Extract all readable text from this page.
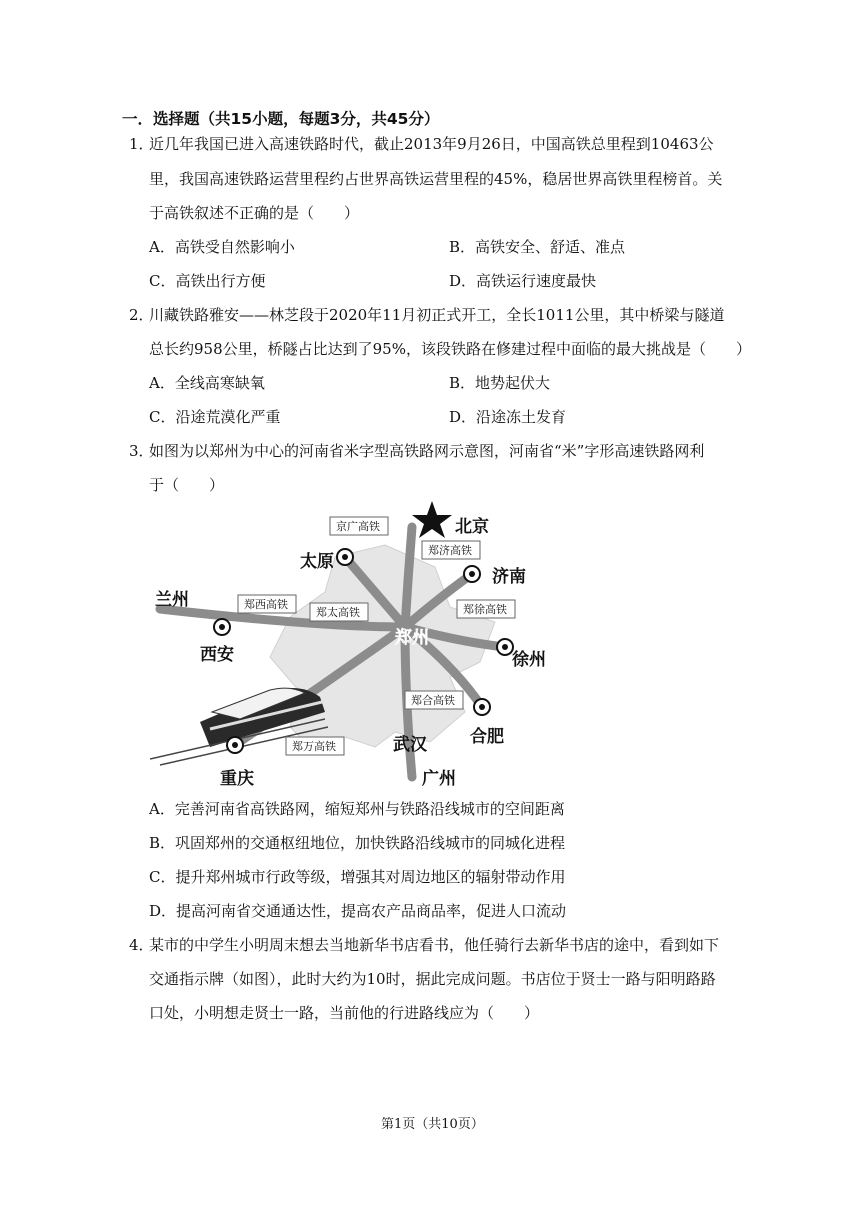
一．选择题（共15小题，每题3分，共45分）
1．
近几年我国已进入高速铁路时代，截止2013年9月26日，中国高铁总里程到10463公
里，我国高速铁路运营里程约占世界高铁运营里程的45%，稳居世界高铁里程榜首。关
于高铁叙述不正确的是（　　）
A．高铁受自然影响小	B．高铁安全、舒适、准点
C．高铁出行方便	D．高铁运行速度最快
2．
川藏铁路雅安——林芝段于2020年11月初正式开工，全长1011公里，其中桥梁与隧道
总长约958公里，桥隧占比达到了95%，该段铁路在修建过程中面临的最大挑战是（　　）
A．全线高寒缺氧	B．地势起伏大
C．沿途荒漠化严重	D．沿途冻土发育
3．
如图为以郑州为中心的河南省米字型高铁路网示意图，河南省“米”字形高速铁路网利
于（　　）
郑州
北京
太原
济南
兰州
西安	徐州
合肥
武汉
重庆	广州
京广高铁
郑济高铁
郑西高铁
郑太高铁	郑徐高铁
郑合高铁
郑万高铁
A．完善河南省高铁路网，缩短郑州与铁路沿线城市的空间距离
B．巩固郑州的交通枢纽地位，加快铁路沿线城市的同城化进程
C．提升郑州城市行政等级，增强其对周边地区的辐射带动作用
D．提高河南省交通通达性，提高农产品商品率，促进人口流动
4．
某市的中学生小明周末想去当地新华书店看书，他任骑行去新华书店的途中，看到如下
交通指示牌（如图），此时大约为10时，据此完成问题。书店位于贤士一路与阳明路路
口处，小明想走贤士一路，当前他的行进路线应为（　　）
第1页（共10页）
